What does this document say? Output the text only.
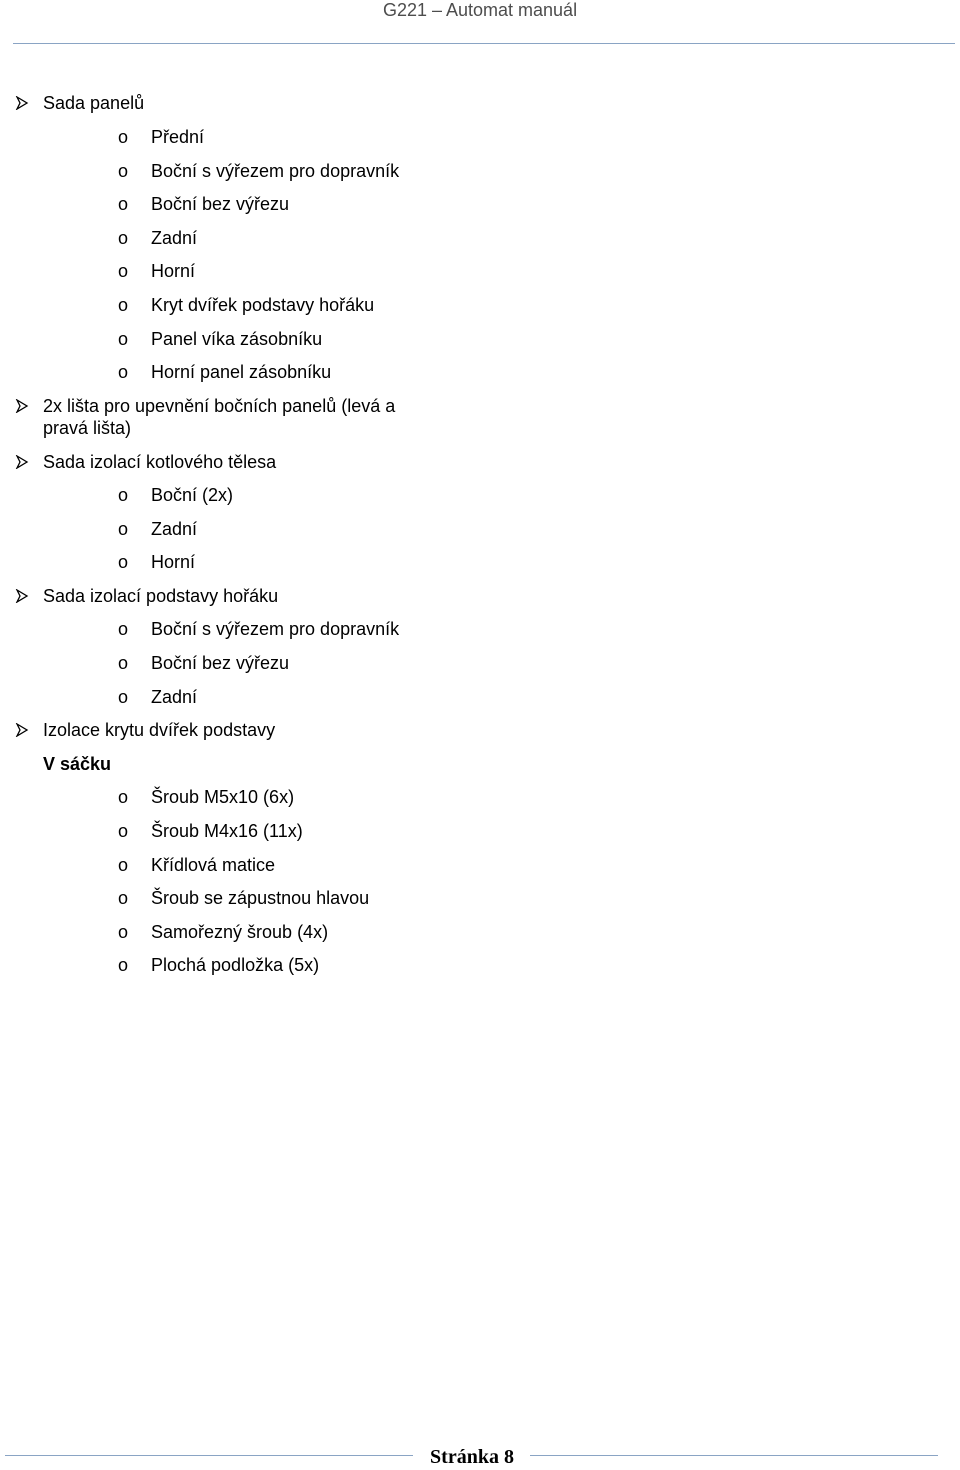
G221 – Automat manuál
Sada panelů
o Přední
o Boční s výřezem pro dopravník
o Boční bez výřezu
o Zadní
o Horní
o Kryt dvířek podstavy hořáku
o Panel víka zásobníku
o Horní panel zásobníku
2x lišta pro upevnění bočních panelů (levá a pravá lišta)
Sada izolací kotlového tělesa
o Boční (2x)
o Zadní
o Horní
Sada izolací podstavy hořáku
o Boční s výřezem pro dopravník
o Boční bez výřezu
o Zadní
Izolace krytu dvířek podstavy
V sáčku
o Šroub M5x10 (6x)
o Šroub M4x16 (11x)
o Křídlová matice
o Šroub se zápustnou hlavou
o Samořezný šroub (4x)
o Plochá podložka (5x)
Stránka 8
